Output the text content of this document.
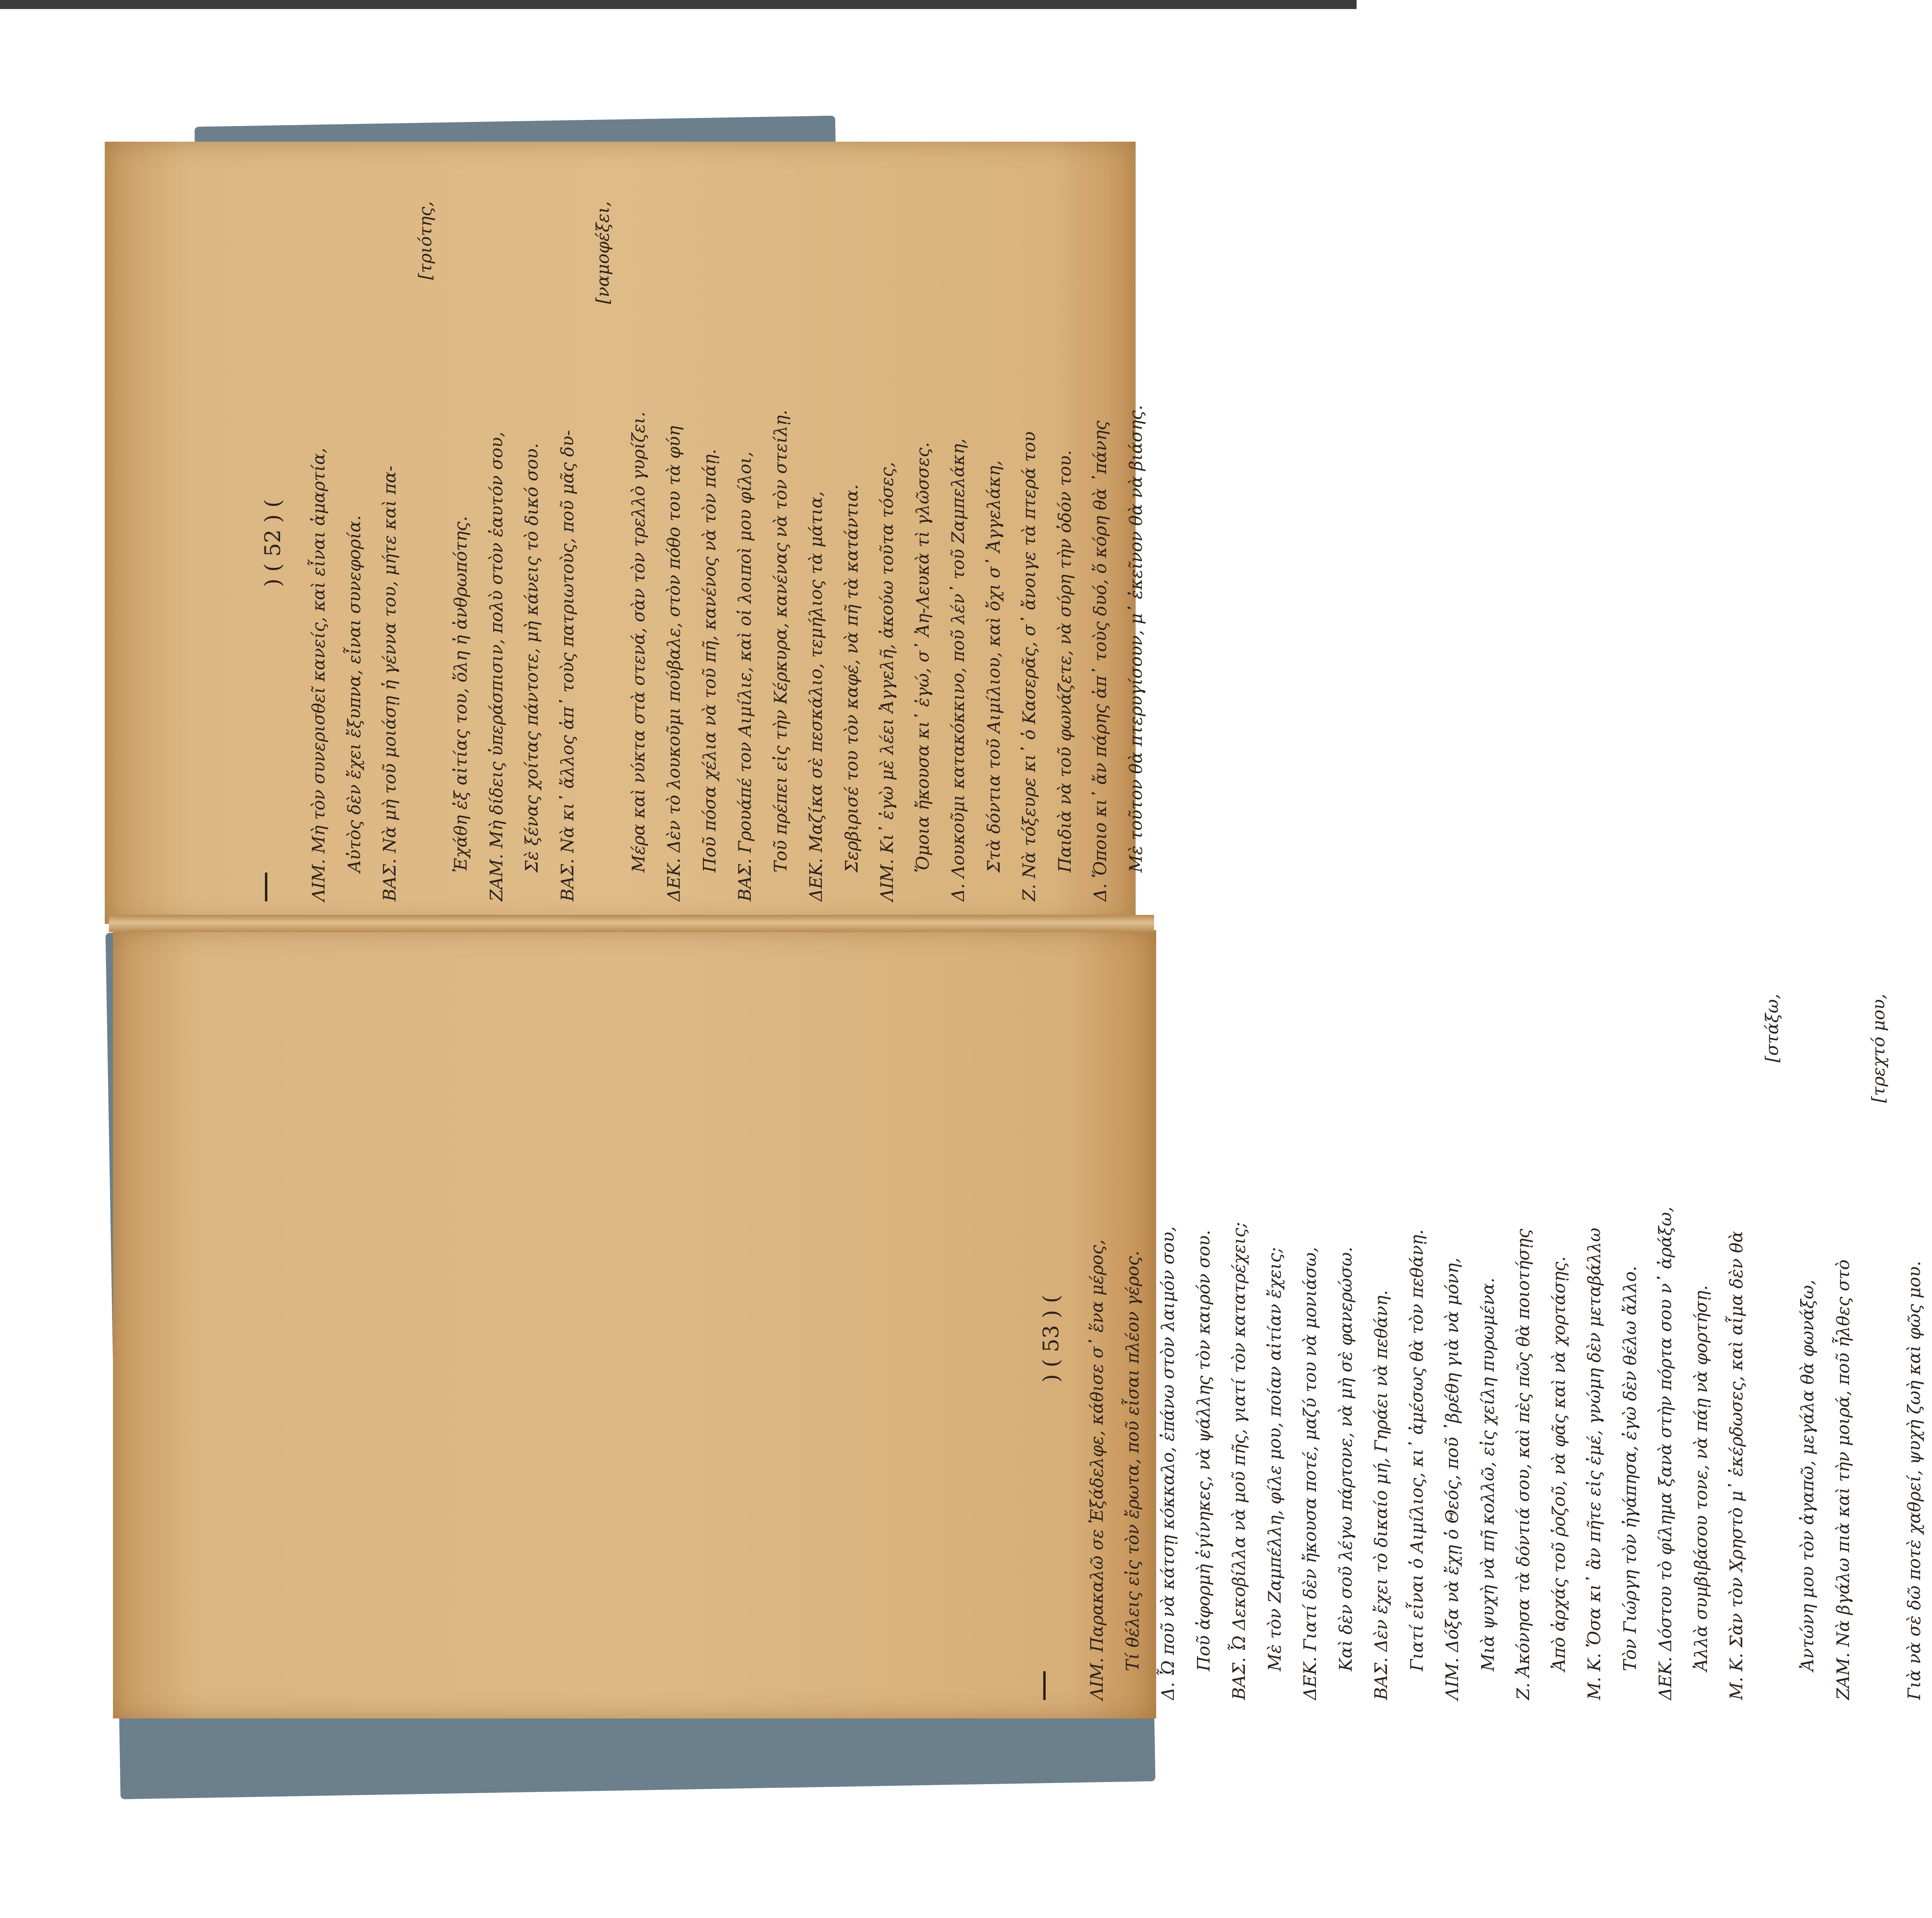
) ( 52 ) (	ΛΙΜ. Μὴ τὸν συνερισθεῖ κανείς, καὶ εἶναι ἁμαρτία, Αὐτὸς δὲν ἔχει ἔξυπνα, εἶναι συνεφορία. ΒΑΣ. Νὰ μὴ τοῦ μοιάσῃ ἡ γέννα του, μήτε καὶ πα-

[τριότης,

Ἐχάθη ἐξ αἰτίας του, ὅλη ἡ ἀνθρωπότης. ΖΑΜ. Μὴ δίδεις ὑπεράσπισιν, πολὺ στὸν ἑαυτόν σου, Σὲ ξένας χοίτας πάντοτε, μὴ κάνεις τὸ δικό σου. ΒΑΣ. Νὰ κι᾽ ἄλλος ἀπ᾽ τοὺς πατριωτοὺς, ποῦ μᾶς δυ-

[ναμοφέξει,

Μέρα καὶ νύκτα στὰ στενά, σὰν τὸν τρελλὸ γυρίζει. ΔΕΚ. Δὲν τὸ λουκοῦμι πούβαλε, στὸν πόθο του τὰ φύη Ποῦ πόσα χέλια νὰ τοῦ πῆ, κανένος νὰ τὸν πάῃ. ΒΑΣ. Γρουάπέ τον Αιμίλιε, καὶ οἱ λοιποὶ μου φίλοι, Τοῦ πρέπει εἰς τὴν Κέρκυρα, κανένας νὰ τὸν στείλῃ. ΔΕΚ. Μαζίκα σὲ πεσκάλιο, τεμήλιος τὰ μάτια, Σερβιρισέ του τὸν καφέ, νὰ πῆ τὰ κατάντια. ΛΙΜ. Κι᾽ ἐγὼ μὲ λέει Ἀγγελῆ, ἀκούω τοῦτα τόσες, Ὅμοια ἤκουσα κι᾽ ἐγώ, σ᾽ Ἀη-Λευκὰ τὶ γλῶσσες. Δ. Λουκοῦμι κατακόκκινο, ποῦ λέν᾽ τοῦ Ζαμπελάκη, Στὰ δόντια τοῦ Αιμίλιου, καὶ ὄχι σ᾽ Ἀγγελάκη, Ζ. Νὰ τόξευρε κι᾽ ὁ Κασερᾶς, σ᾽ ἄνοιγε τὰ πτερά του Παιδιὰ νὰ τοῦ φωνάζετε, νὰ σύρη τὴν ὁδόν του. Δ. Ὅποιο κι᾽ ἄν πάρης ἀπ᾽ τοὺς δυό, ὅ κόρη θὰ ᾽πάνης Μὲ τοῦτον θὰ πτερυγίσουν, μ᾽ ἐκεῖνον θὰ νὰ βιάσης.

) ( 53 ) (	ΛΙΜ. Παρακαλῶ σε Ἐξάδελφε, κάθισε σ᾽ ἕνα μέρος, Τί θέλεις εἰς τὸν ἔρωτα, ποῦ εἶσαι πλέον γέρος. Δ. Ὦ ποῦ νὰ κάτσῃ κόκκαλο, ἐπάνω στὸν λαιμόν σου, Ποῦ ἀφορμὴ ἐγίνηκες, νὰ ψάλλης τὸν καιρόν σου. ΒΑΣ. Ὦ Δεκοβίλλα νὰ μοῦ πῆς, γιατί τὸν κατατρέχεις; Μὲ τὸν Ζαμπέλλη, φίλε μου, ποίαν αἰτίαν ἔχεις; ΔΕΚ. Γιατί δὲν ἤκουσα ποτέ, μαζύ του νὰ μονιάσω, Καὶ δὲν σοῦ λέγω πάρτονε, νὰ μὴ σὲ φανερώσω. ΒΑΣ. Δὲν ἔχει τὸ δικαίο μή, Γηράει νὰ πεθάνη. Γιατί εἶναι ὁ Αιμίλιος, κι᾽ ἀμέσως θὰ τὸν πεθάνῃ. ΛΙΜ. Δόξα νὰ ἔχῃ ὁ Θεός, ποῦ ᾽βρέθη γιὰ νὰ μόνη, Μιὰ ψυχὴ νὰ πῆ κολλῶ, εἰς χείλη πυρωμένα. Ζ. Ἀκόνησα τὰ δόντιά σου, καὶ πὲς πῶς θὰ ποιοτήσῃς Ἀπὸ ἀρχάς τοῦ ῥοζοῦ, νὰ φᾶς καὶ νὰ χορτάσῃς. Μ. Κ. Ὅσα κι᾽ ἂν πῆτε εἰς ἐμέ, γνώμη δὲν μεταβάλλω Τὸν Γιώργη τὸν ἠγάπησα, ἐγὼ δὲν θέλω ἄλλο. ΔΕΚ. Δόστου τὸ φίλημα ξανὰ στὴν πόρτα σου ν᾽ ἀράξω, Ἀλλὰ συμβιβάσου τονε, νὰ πάῃ νὰ φορτήσῃ. Μ. Κ. Σὰν τὸν Χρηστὸ μ᾽ ἐκέρδωσες, καὶ αἷμα δὲν θὰ

[στάξω,

Ἀντώνη μου τὸν ἀγαπῶ, μεγάλα θὰ φωνάξω, ΖΑΜ. Νὰ βγάλω πιὰ καὶ τὴν μοιρά, ποῦ ἦλθες στὸ

[τρεχτό μου,

Γιὰ νὰ σὲ δῶ ποτὲ χαθρεί, ψυχὴ ζωὴ καὶ φῶς μου.
